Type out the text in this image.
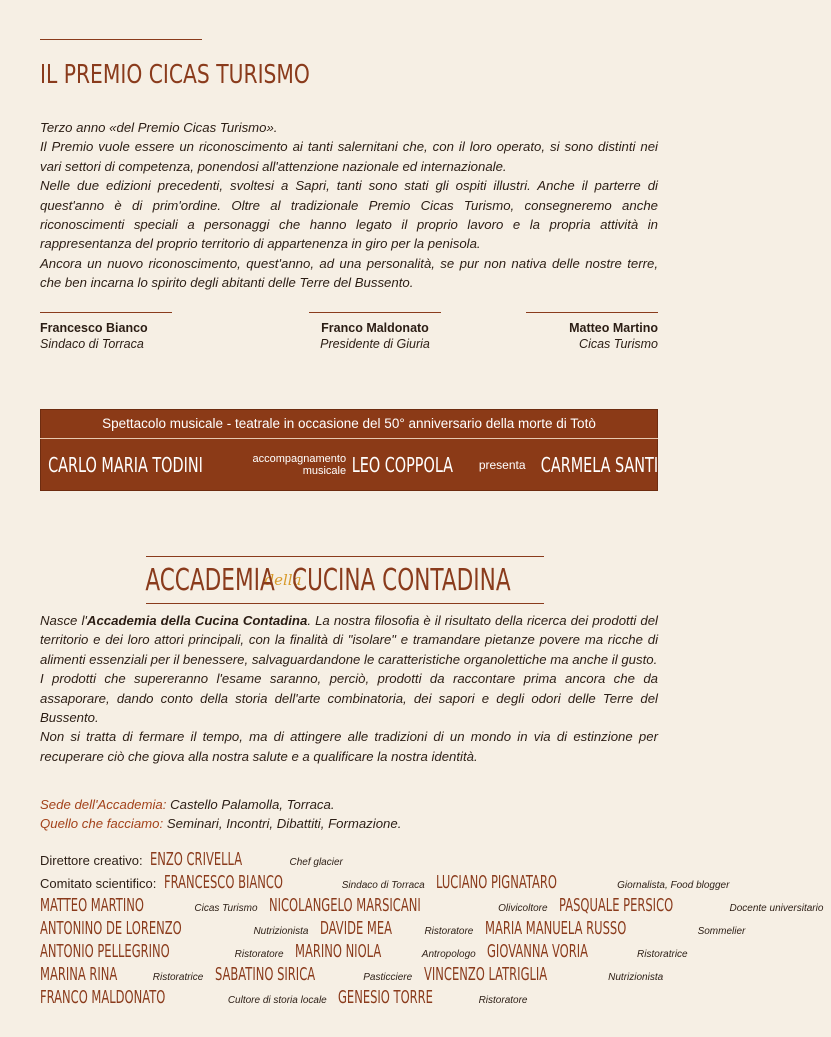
IL PREMIO CICAS TURISMO

Terzo anno «del Premio Cicas Turismo».

Il Premio vuole essere un riconoscimento ai tanti salernitani che, con il loro operato, si sono distinti nei vari settori di competenza, ponendosi all'attenzione nazionale ed internazionale.

Nelle due edizioni precedenti, svoltesi a Sapri, tanti sono stati gli ospiti illustri. Anche il parterre di quest'anno è di prim'ordine. Oltre al tradizionale Premio Cicas Turismo, consegneremo anche riconoscimenti speciali a personaggi che hanno legato il proprio lavoro e la propria attività in rappresentanza del proprio territorio di appartenenza in giro per la penisola.

Ancora un nuovo riconoscimento, quest'anno, ad una personalità, se pur non nativa delle nostre terre, che ben incarna lo spirito degli abitanti delle Terre del Bussento.

Francesco Bianco
Sindaco di Torraca
Franco Maldonato
Presidente di Giuria
Matteo Martino
Cicas Turismo
Spettacolo musicale - teatrale in occasione del 50° anniversario della morte di Totò
CARLO MARIA TODINI	accompagnamento
musicale LEO COPPOLA presenta CARMELA SANTI
ACCADEMIA
della
CUCINA CONTADINA

Nasce l'Accademia della Cucina Contadina. La nostra filosofia è il risultato della ricerca dei prodotti del territorio e dei loro attori principali, con la finalità di "isolare" e tramandare pietanze povere ma ricche di alimenti essenziali per il benessere, salvaguardandone le caratteristiche organolettiche ma anche il gusto.

I prodotti che supereranno l'esame saranno, perciò, prodotti da raccontare prima ancora che da assaporare, dando conto della storia dell'arte combinatoria, dei sapori e degli odori delle Terre del Bussento.

Non si tratta di fermare il tempo, ma di attingere alle tradizioni di un mondo in via di estinzione per recuperare ciò che giova alla nostra salute e a qualificare la nostra identità.

Sede dell'Accademia: Castello Palamolla, Torraca.
Quello che facciamo: Seminari, Incontri, Dibattiti, Formazione.
Direttore creativo: ENZO CRIVELLA	Chef glacier
Comitato scientifico: FRANCESCO BIANCO	Sindaco di Torraca LUCIANO PIGNATARO	Giornalista, Food blogger
MATTEO MARTINO	Cicas Turismo NICOLANGELO MARSICANI	Olivicoltore PASQUALE PERSICO	Docente universitario
ANTONINO DE LORENZO	Nutrizionista DAVIDE MEA	Ristoratore MARIA MANUELA RUSSO	Sommelier
ANTONIO PELLEGRINO	Ristoratore MARINO NIOLA	Antropologo GIOVANNA VORIA	Ristoratrice
MARINA RINA	Ristoratrice SABATINO SIRICA	Pasticciere VINCENZO LATRIGLIA	Nutrizionista
FRANCO MALDONATO	Cultore di storia locale GENESIO TORRE	Ristoratore
